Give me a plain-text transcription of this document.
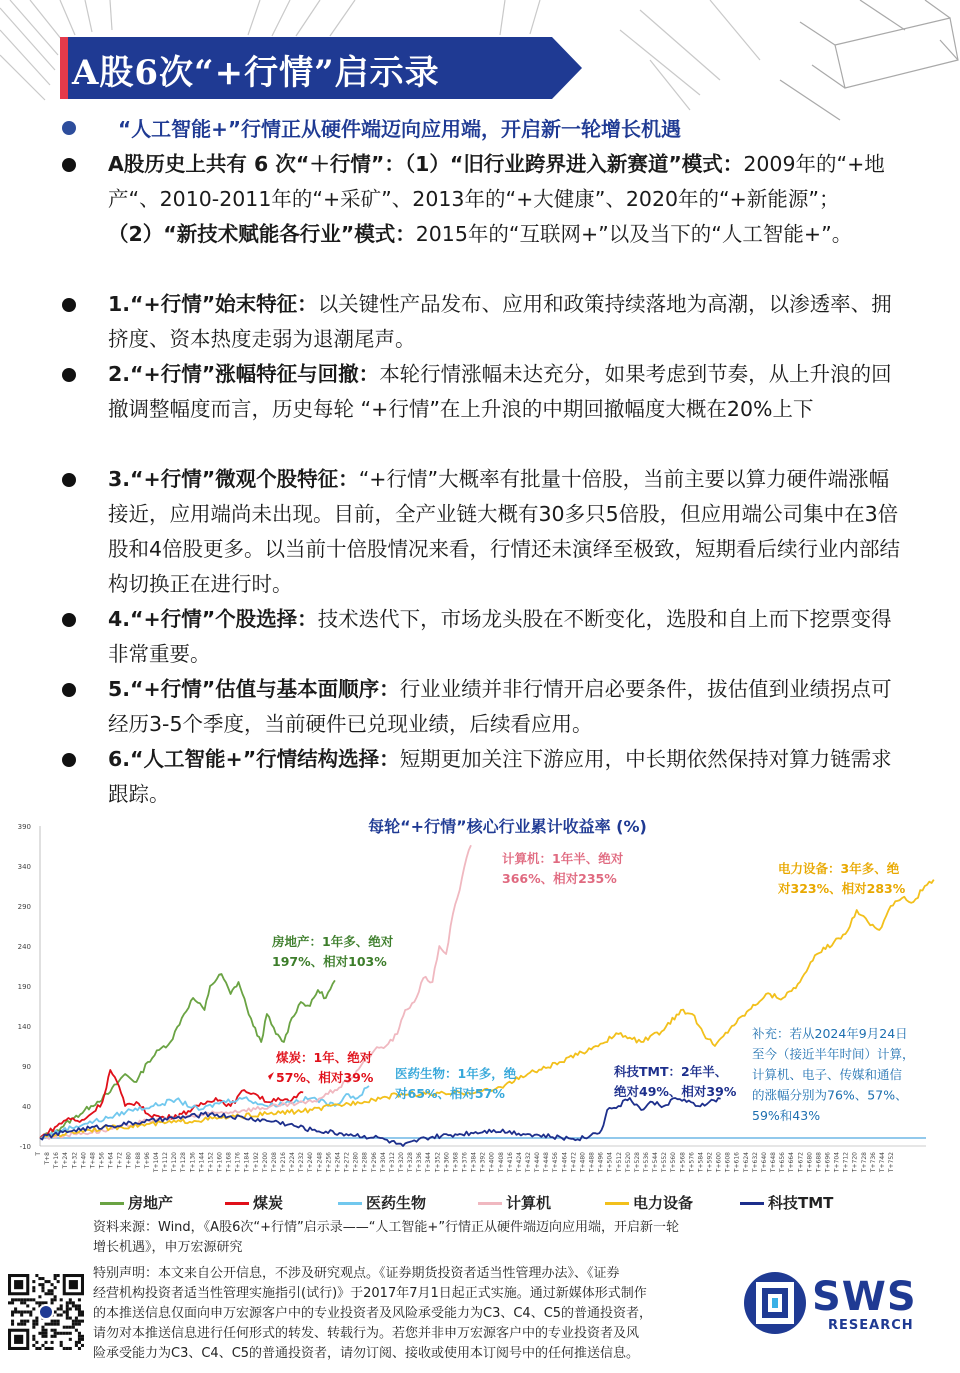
A股6次“+行情”启示录
“人工智能+”行情正从硬件端迈向应用端，开启新一轮增长机遇
A股历史上共有 6 次“＋行情”：（1）“旧行业跨界进入新赛道”模式：2009年的“+地产“、2010-2011年的“+采矿”、2013年的“+大健康”、2020年的“+新能源”；（2）“新技术赋能各行业”模式：2015年的“互联网+”以及当下的“人工智能+”。
1.“+行情”始末特征：以关键性产品发布、应用和政策持续落地为高潮，以渗透率、拥挤度、资本热度走弱为退潮尾声。
2.“+行情”涨幅特征与回撤：本轮行情涨幅未达充分，如果考虑到节奏，从上升浪的回撤调整幅度而言，历史每轮 “+行情”在上升浪的中期回撤幅度大概在20%上下
3.“+行情”微观个股特征：“+行情”大概率有批量十倍股，当前主要以算力硬件端涨幅接近，应用端尚未出现。目前，全产业链大概有30多只5倍股，但应用端公司集中在3倍股和4倍股更多。以当前十倍股情况来看，行情还未演绎至极致，短期看后续行业内部结构切换正在进行时。
4.“+行情”个股选择：技术迭代下，市场龙头股在不断变化，选股和自上而下挖票变得非常重要。
5.“+行情”估值与基本面顺序：行业业绩并非行情开启必要条件，拔估值到业绩拐点可经历3-5个季度，当前硬件已兑现业绩，后续看应用。
6.“人工智能+”行情结构选择：短期更加关注下游应用，中长期依然保持对算力链需求跟踪。
每轮“+行情”核心行业累计收益率 (%)
390
340
290
240
190
140
90
40
-10
T T+8 T+16 T+24 T+32 T+40 T+48 T+56 T+64 T+72 T+80 T+88 T+96 T+104 T+112 T+120 T+128 T+136 T+144 T+152 T+160 T+168 T+176 T+184 T+192 T+200 T+208 T+216 T+224 T+232 T+240 T+248 T+256 T+264 T+272 T+280 T+288 T+296 T+304 T+312 T+320 T+328 T+336 T+344 T+352 T+360 T+368 T+376 T+384 T+392 T+400 T+408 T+416 T+424 T+432 T+440 T+448 T+456 T+464 T+472 T+480 T+488 T+496 T+504 T+512 T+520 T+528 T+536 T+544 T+552 T+560 T+568 T+576 T+584 T+592 T+600 T+608 T+616 T+624 T+632 T+640 T+648 T+656 T+664 T+672 T+680 T+688 T+696 T+704 T+712 T+720 T+728 T+736 T+744 T+752
房地产：1年多、绝对
197%、相对103%
煤炭：1年、绝对
57%、相对39% 医药生物：1年多，绝
对65%、相对57%
计算机：1年半、绝对
366%、相对235%
电力设备：3年多、绝
对323%、相对283%
科技TMT：2年半、
绝对49%、相对39%
补充：若从2024年9月24日
至今（接近半年时间）计算，
计算机、电子、传媒和通信
的涨幅分别为76%、57%、
59%和43%
房地产	煤炭	医药生物	计算机	电力设备	科技TMT
资料来源：Wind，《A股6次“+行情”启示录——“人工智能+”行情正从硬件端迈向应用端，开启新一轮
增长机遇》，申万宏源研究
特别声明：本文来自公开信息，不涉及研究观点。《证券期货投资者适当性管理办法》、《证券
经营机构投资者适当性管理实施指引(试行)》于2017年7月1日起正式实施。通过新媒体形式制作
的本推送信息仅面向申万宏源客户中的专业投资者及风险承受能力为C3、C4、C5的普通投资者，
请勿对本推送信息进行任何形式的转发、转载行为。若您并非申万宏源客户中的专业投资者及风
险承受能力为C3、C4、C5的普通投资者，请勿订阅、接收或使用本订阅号中的任何推送信息。
SWS
RESEARCH
